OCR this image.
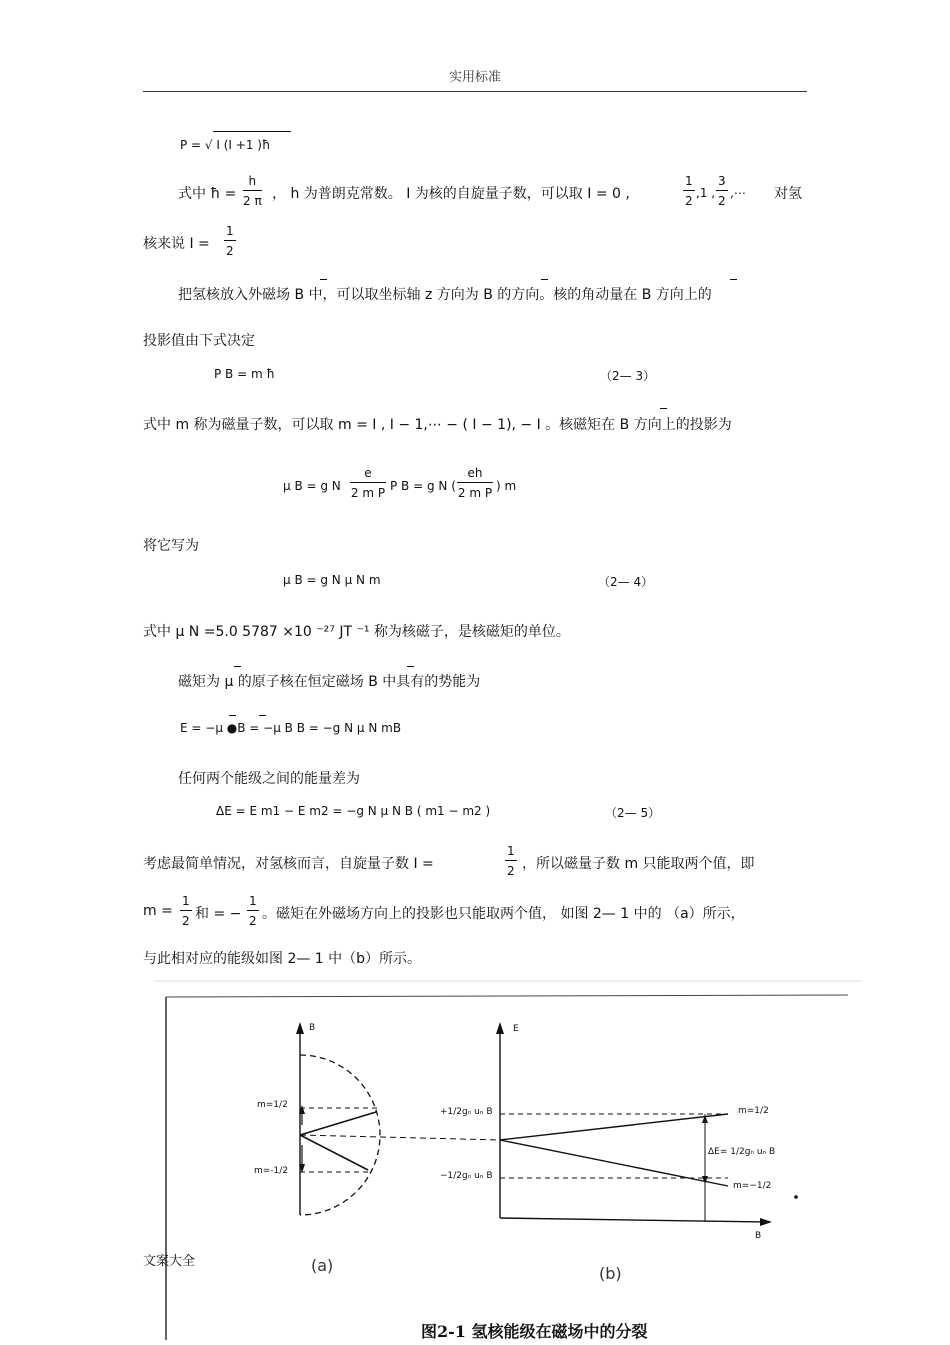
实用标准
P = √ I (I +1 )ħ
式中 ħ =
h
2 π ， h 为普朗克常数。 I 为核的自旋量子数，可以取 I = 0 ,
1
2
,1 ,
3
2
,⋯ 对氢
核来说 I =
1
2
把氢核放入外磁场 B 中，可以取坐标轴 z 方向为 B 的方向。核的角动量在 B 方向上的
投影值由下式决定
P B = m ħ	（2— 3）
式中 m 称为磁量子数，可以取 m = I , I − 1,⋯ − ( I − 1), − I 。核磁矩在 B 方向上的投影为
μ B = g N
e
2 m P P B = g N (
eh
2 m P ) m
将它写为
μ B = g N μ N m	（2— 4）
式中 μ N =5.0 5787 ×10 ⁻²⁷ JT ⁻¹ 称为核磁子，是核磁矩的单位。
磁矩为 μ 的原子核在恒定磁场 B 中具有的势能为
E = −μ ●B = −μ B B = −g N μ N mB
任何两个能级之间的能量差为
ΔE = E m1 − E m2 = −g N μ N B ( m1 − m2 )	（2— 5）
考虑最简单情况，对氢核而言，自旋量子数 I =
1
2 ，所以磁量子数 m 只能取两个值，即
m =
1
2 和 = −
1
2 。磁矩在外磁场方向上的投影也只能取两个值， 如图 2— 1 中的 （a）所示，
与此相对应的能级如图 2— 1 中（b）所示。
B
m=1/2
m=-1/2
E
B
+1/2gₙ uₙ B
−1/2gₙ uₙ B
m=1/2
m=−1/2
ΔE= 1/2gₙ uₙ B
(a)	(b)
图2-1 氢核能级在磁场中的分裂
文案大全
